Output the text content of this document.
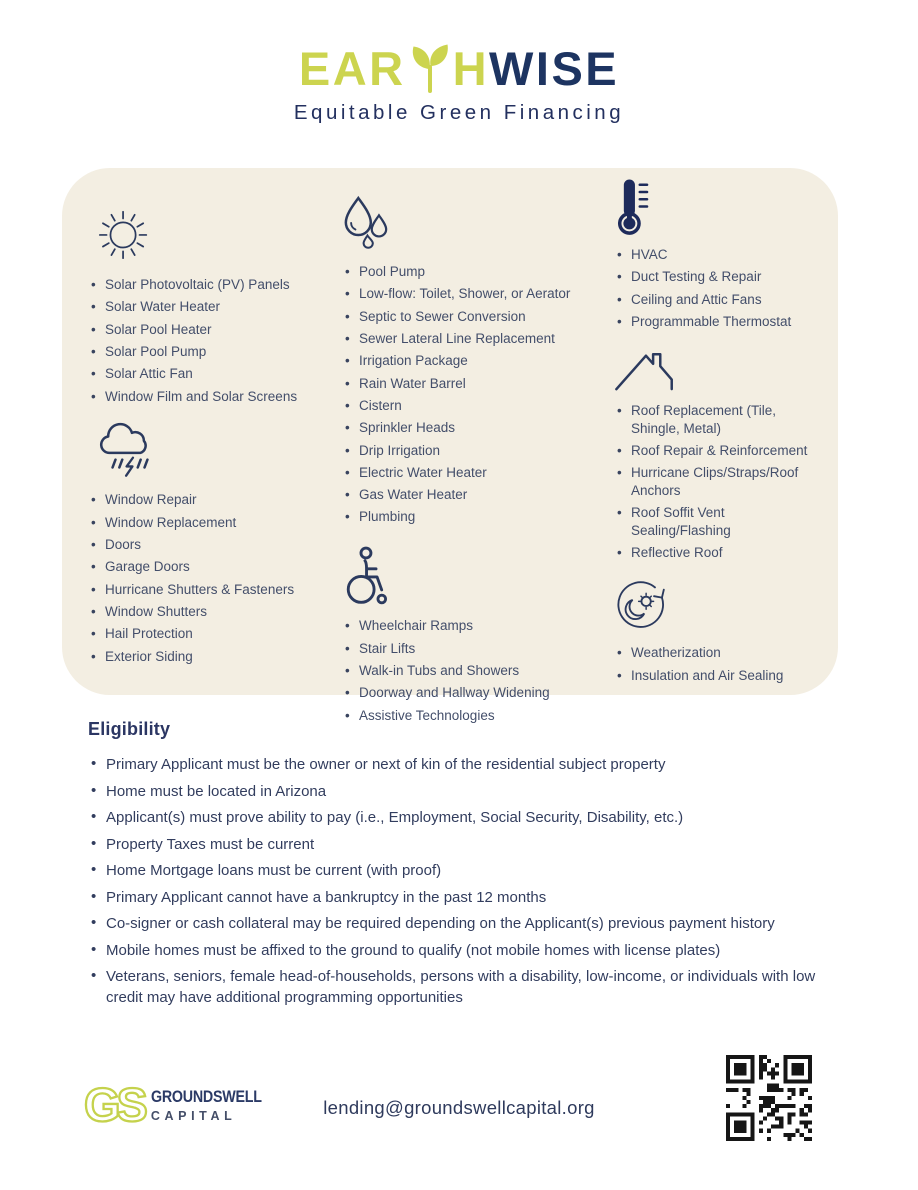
EAR H WISE
Equitable Green Financing
• Solar Photovoltaic (PV) Panels
• Solar Water Heater
• Solar Pool Heater
• Solar Pool Pump
• Solar Attic Fan
• Window Film and Solar Screens
• Window Repair
• Window Replacement
• Doors
• Garage Doors
• Hurricane Shutters & Fasteners
• Window Shutters
• Hail Protection
• Exterior Siding
• Pool Pump
• Low-flow: Toilet, Shower, or Aerator
• Septic to Sewer Conversion
• Sewer Lateral Line Replacement
• Irrigation Package
• Rain Water Barrel
• Cistern
• Sprinkler Heads
• Drip Irrigation
• Electric Water Heater
• Gas Water Heater
• Plumbing
• Wheelchair Ramps
• Stair Lifts
• Walk-in Tubs and Showers
• Doorway and Hallway Widening
• Assistive Technologies
• HVAC
• Duct Testing & Repair
• Ceiling and Attic Fans
• Programmable Thermostat
• Roof Replacement (Tile, Shingle, Metal)
• Roof Repair & Reinforcement
• Hurricane Clips/Straps/Roof Anchors
• Roof Soffit Vent Sealing/Flashing
• Reflective Roof
• Weatherization
• Insulation and Air Sealing
Eligibility
• Primary Applicant must be the owner or next of kin of the residential subject property
• Home must be located in Arizona
• Applicant(s) must prove ability to pay (i.e., Employment, Social Security, Disability, etc.)
• Property Taxes must be current
• Home Mortgage loans must be current (with proof)
• Primary Applicant cannot have a bankruptcy in the past 12 months
• Co-signer or cash collateral may be required depending on the Applicant(s) previous payment history
• Mobile homes must be affixed to the ground to qualify (not mobile homes with license plates)
• Veterans, seniors, female head-of-households, persons with a disability, low-income, or individuals with low credit may have additional programming opportunities
GS GROUNDSWELL
CAPITAL	lending@groundswellcapital.org
